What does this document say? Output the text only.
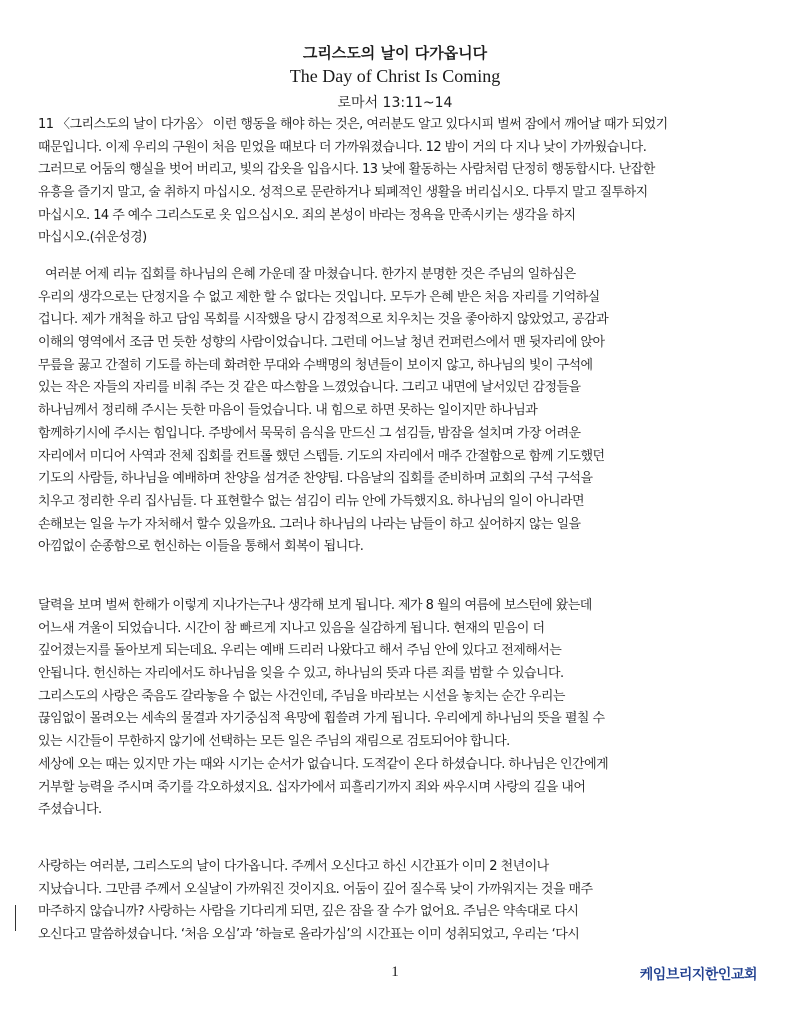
그리스도의 날이 다가옵니다
The Day of Christ Is Coming
로마서 13:11~14
11 〈그리스도의 날이 다가옴〉 이런 행동을 해야 하는 것은, 여러분도 알고 있다시피 벌써 잠에서 깨어날 때가 되었기
때문입니다. 이제 우리의 구원이 처음 믿었을 때보다 더 가까워졌습니다. 12 밤이 거의 다 지나 낮이 가까웠습니다.
그러므로 어둠의 행실을 벗어 버리고, 빛의 갑옷을 입읍시다. 13 낮에 활동하는 사람처럼 단정히 행동합시다. 난잡한
유흥을 즐기지 말고, 술 취하지 마십시오. 성적으로 문란하거나 퇴폐적인 생활을 버리십시오. 다투지 말고 질투하지
마십시오. 14 주 예수 그리스도로 옷 입으십시오. 죄의 본성이 바라는 정욕을 만족시키는 생각을 하지
마십시오.(쉬운성경)
여러분 어제 리뉴 집회를 하나님의 은혜 가운데 잘 마쳤습니다. 한가지 분명한 것은 주님의 일하심은
우리의 생각으로는 단정지을 수 없고 제한 할 수 없다는 것입니다. 모두가 은혜 받은 처음 자리를 기억하실
겁니다. 제가 개척을 하고 담임 목회를 시작했을 당시 감정적으로 치우치는 것을 좋아하지 않았었고, 공감과
이해의 영역에서 조금 먼 듯한 성향의 사람이었습니다. 그런데 어느날 청년 컨퍼런스에서 맨 뒷자리에 앉아
무릎을 꿇고 간절히 기도를 하는데 화려한 무대와 수백명의 청년들이 보이지 않고, 하나님의 빛이 구석에
있는 작은 자들의 자리를 비춰 주는 것 같은 따스함을 느꼈었습니다. 그리고 내면에 날서있던 감정들을
하나님께서 정리해 주시는 듯한 마음이 들었습니다. 내 힘으로 하면 못하는 일이지만 하나님과
함께하기시에 주시는 힘입니다. 주방에서 묵묵히 음식을 만드신 그 섬김들, 밤잠을 설치며 가장 어려운
자리에서 미디어 사역과 전체 집회를 컨트롤 했던 스텝들. 기도의 자리에서 매주 간절함으로 함께 기도했던
기도의 사람들, 하나님을 예배하며 찬양을 섬겨준 찬양팀. 다음날의 집회를 준비하며 교회의 구석 구석을
치우고 정리한 우리 집사님들. 다 표현할수 없는 섬김이 리뉴 안에 가득했지요. 하나님의 일이 아니라면
손해보는 일을 누가 자처해서 할수 있을까요. 그러나 하나님의 나라는 남들이 하고 싶어하지 않는 일을
아낌없이 순종함으로 헌신하는 이들을 통해서 회복이 됩니다.
달력을 보며 벌써 한해가 이렇게 지나가는구나 생각해 보게 됩니다. 제가 8 월의 여름에 보스턴에 왔는데
어느새 겨울이 되었습니다. 시간이 참 빠르게 지나고 있음을 실감하게 됩니다. 현재의 믿음이 더
깊어졌는지를 돌아보게 되는데요. 우리는 예배 드리러 나왔다고 해서 주님 안에 있다고 전제해서는
안됩니다. 헌신하는 자리에서도 하나님을 잊을 수 있고, 하나님의 뜻과 다른 죄를 범할 수 있습니다.
그리스도의 사랑은 죽음도 갈라놓을 수 없는 사건인데, 주님을 바라보는 시선을 놓치는 순간 우리는
끊임없이 몰려오는 세속의 물결과 자기중심적 욕망에 휩쓸려 가게 됩니다. 우리에게 하나님의 뜻을 펼칠 수
있는 시간들이 무한하지 않기에 선택하는 모든 일은 주님의 재림으로 검토되어야 합니다.
세상에 오는 때는 있지만 가는 때와 시기는 순서가 없습니다. 도적같이 온다 하셨습니다. 하나님은 인간에게
거부할 능력을 주시며 죽기를 각오하셨지요. 십자가에서 피흘리기까지 죄와 싸우시며 사랑의 길을 내어
주셨습니다.
사랑하는 여러분, 그리스도의 날이 다가옵니다. 주께서 오신다고 하신 시간표가 이미 2 천년이나
지났습니다. 그만큼 주께서 오실날이 가까워진 것이지요. 어둠이 깊어 질수록 낮이 가까워지는 것을 매주
마주하지 않습니까? 사랑하는 사람을 기다리게 되면, 깊은 잠을 잘 수가 없어요. 주님은 약속대로 다시
오신다고 말씀하셨습니다. ‘처음 오심’과 ’하늘로 올라가심’의 시간표는 이미 성취되었고, 우리는 ‘다시
1	케임브리지한인교회
